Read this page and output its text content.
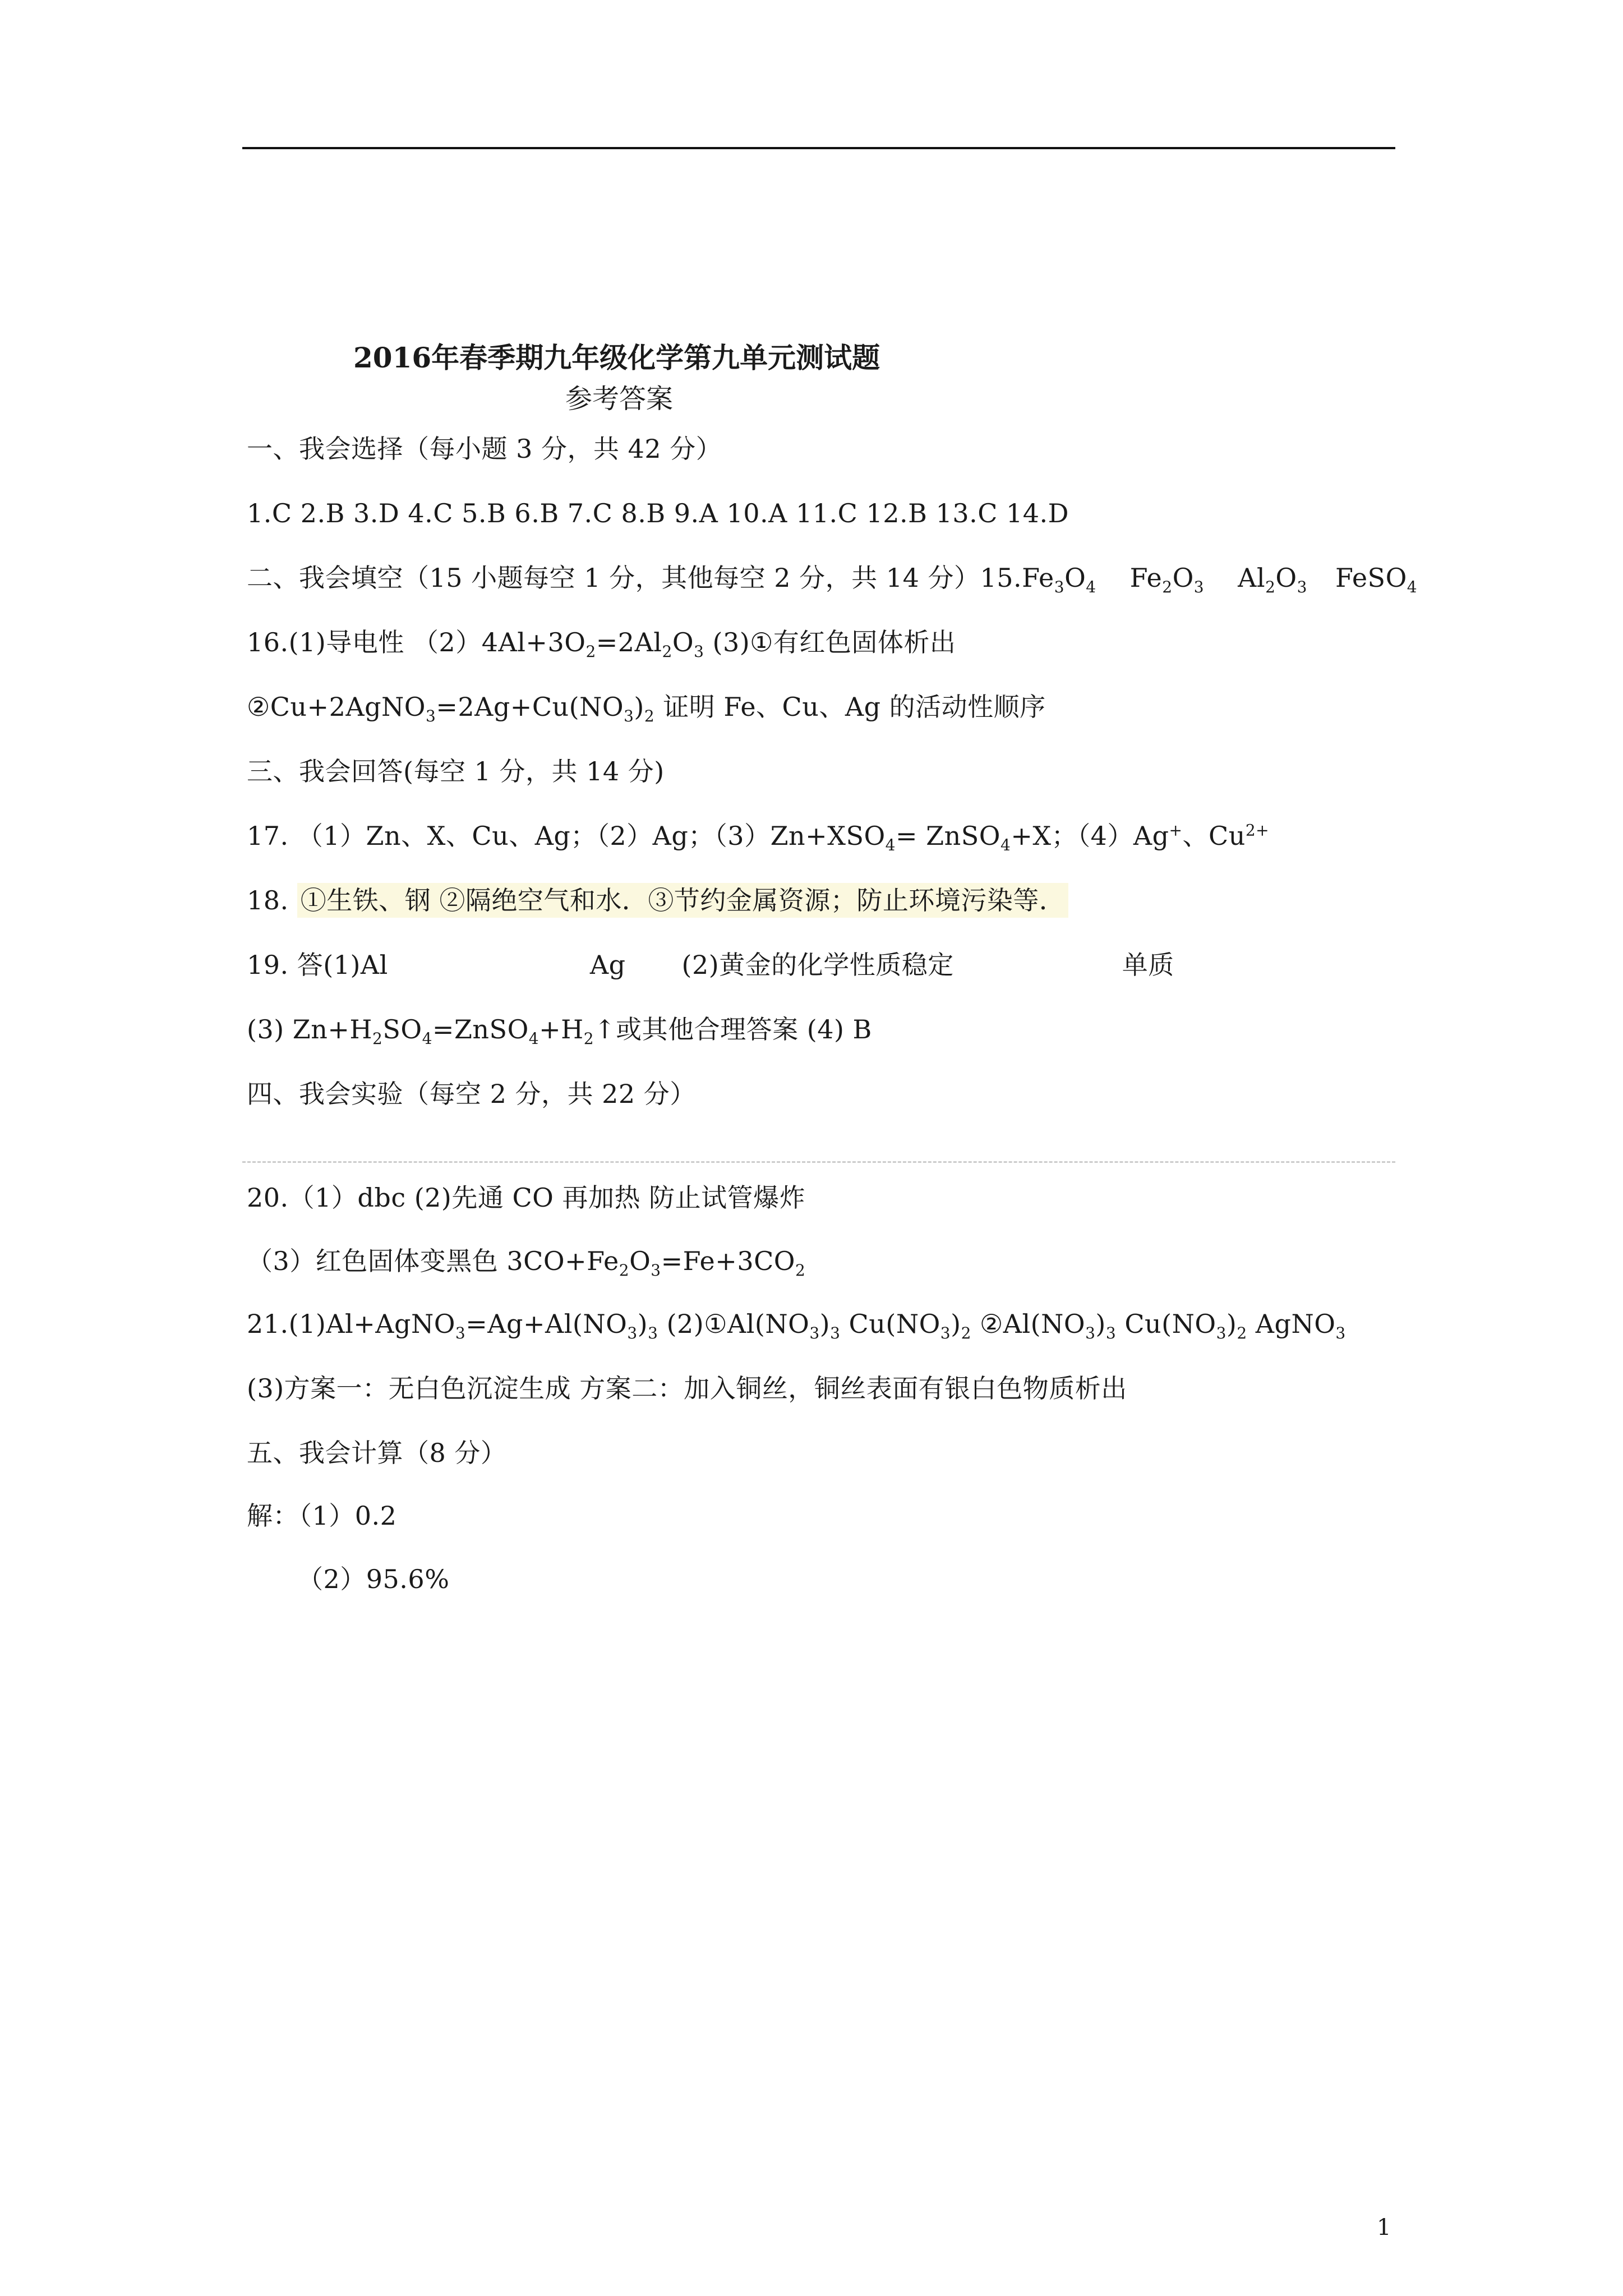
2016年春季期九年级化学第九单元测试题
参考答案
一、我会选择（每小题 3 分，共 42 分）
1.C 2.B 3.D 4.C 5.B 6.B 7.C 8.B 9.A 10.A 11.C 12.B 13.C 14.D
二、我会填空（15 小题每空 1 分，其他每空 2 分，共 14 分）$15.Fe_3O_4$ $Fe_2O_3$ $Al_2O_3$ FeSO$_4$
16.(1)导电性 $(2)4Al+3O_2=2Al_2O_3$ (3)①有红色固体析出
$②Cu+2AgNO_3=2Ag+Cu(NO_3)_2$ 证明 Fe、Cu、Ag 的活动性顺序
三、我会回答(每空 1 分，共 14 分)
17. （1）Zn、X、Cu、Ag；（2）Ag；$(3)Zn+XSO_4=$ ZnSO$_4$+X；（4）Ag+、$Cu^{2+}$
18. ①生铁、钢 ②隔绝空气和水．③节约金属资源；防止环境污染等．
19. 答(1)Al	Ag (2)黄金的化学性质稳定	单质
(3) $Zn+H_2SO_4=ZnSO_4+H_2↑$或其他合理答案 (4) B
四、我会实验（每空 2 分，共 22 分）
20.（1）dbc (2)先通 CO 再加热 防止试管爆炸
（3）红色固体变黑色 $3CO+Fe_2O_3=Fe+3CO_2$
$21.(1)Al+AgNO_3=Ag+Al(NO_3)_3$ $(2)①Al(NO_3)_3$ $Cu(NO_3)_2$ $②Al(NO_3)_3$ $Cu(NO_3)_2$ AgNO$_3$
(3)方案一：无白色沉淀生成 方案二：加入铜丝，铜丝表面有银白色物质析出
五、我会计算（8 分）
解：（1）0.2
（2）95.6%
1
